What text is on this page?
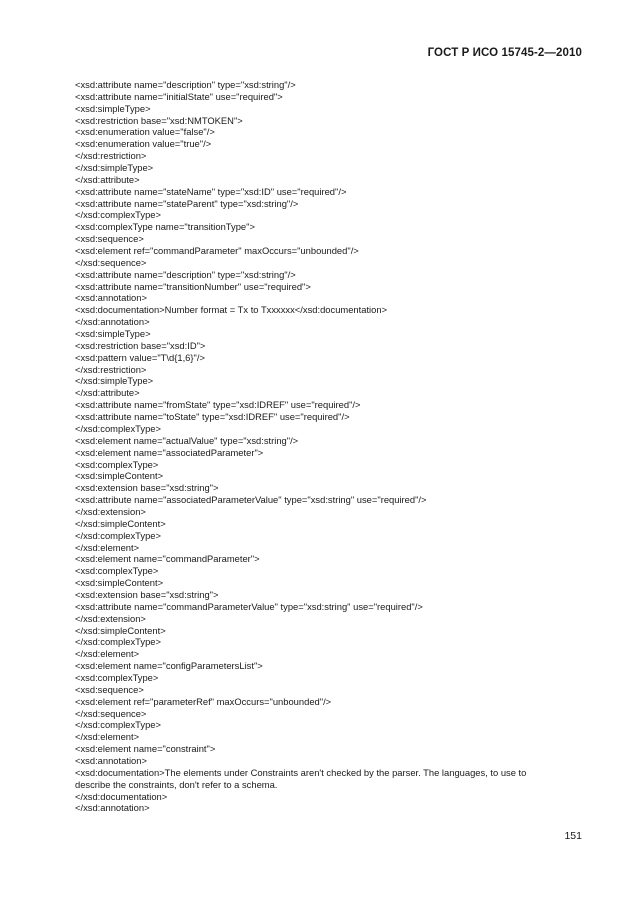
ГОСТ Р ИСО 15745-2—2010
<xsd:attribute name="description" type="xsd:string"/>
<xsd:attribute name="initialState" use="required">
<xsd:simpleType>
<xsd:restriction base="xsd:NMTOKEN">
<xsd:enumeration value="false"/>
<xsd:enumeration value="true"/>
</xsd:restriction>
</xsd:simpleType>
</xsd:attribute>
<xsd:attribute name="stateName" type="xsd:ID" use="required"/>
<xsd:attribute name="stateParent" type="xsd:string"/>
</xsd:complexType>
<xsd:complexType name="transitionType">
<xsd:sequence>
<xsd:element ref="commandParameter" maxOccurs="unbounded"/>
</xsd:sequence>
<xsd:attribute name="description" type="xsd:string"/>
<xsd:attribute name="transitionNumber" use="required">
<xsd:annotation>
<xsd:documentation>Number format = Tx to Txxxxxx</xsd:documentation>
</xsd:annotation>
<xsd:simpleType>
<xsd:restriction base="xsd:ID">
<xsd:pattern value="T\d{1,6}"/>
</xsd:restriction>
</xsd:simpleType>
</xsd:attribute>
<xsd:attribute name="fromState" type="xsd:IDREF" use="required"/>
<xsd:attribute name="toState" type="xsd:IDREF" use="required"/>
</xsd:complexType>
<xsd:element name="actualValue" type="xsd:string"/>
<xsd:element name="associatedParameter">
<xsd:complexType>
<xsd:simpleContent>
<xsd:extension base="xsd:string">
<xsd:attribute name="associatedParameterValue" type="xsd:string" use="required"/>
</xsd:extension>
</xsd:simpleContent>
</xsd:complexType>
</xsd:element>
<xsd:element name="commandParameter">
<xsd:complexType>
<xsd:simpleContent>
<xsd:extension base="xsd:string">
<xsd:attribute name="commandParameterValue" type="xsd:string" use="required"/>
</xsd:extension>
</xsd:simpleContent>
</xsd:complexType>
</xsd:element>
<xsd:element name="configParametersList">
<xsd:complexType>
<xsd:sequence>
<xsd:element ref="parameterRef" maxOccurs="unbounded"/>
</xsd:sequence>
</xsd:complexType>
</xsd:element>
<xsd:element name="constraint">
<xsd:annotation>
<xsd:documentation>The elements under Constraints aren't checked by the parser. The languages, to use to describe the constraints, don't refer to a schema.
</xsd:documentation>
</xsd:annotation>
151
